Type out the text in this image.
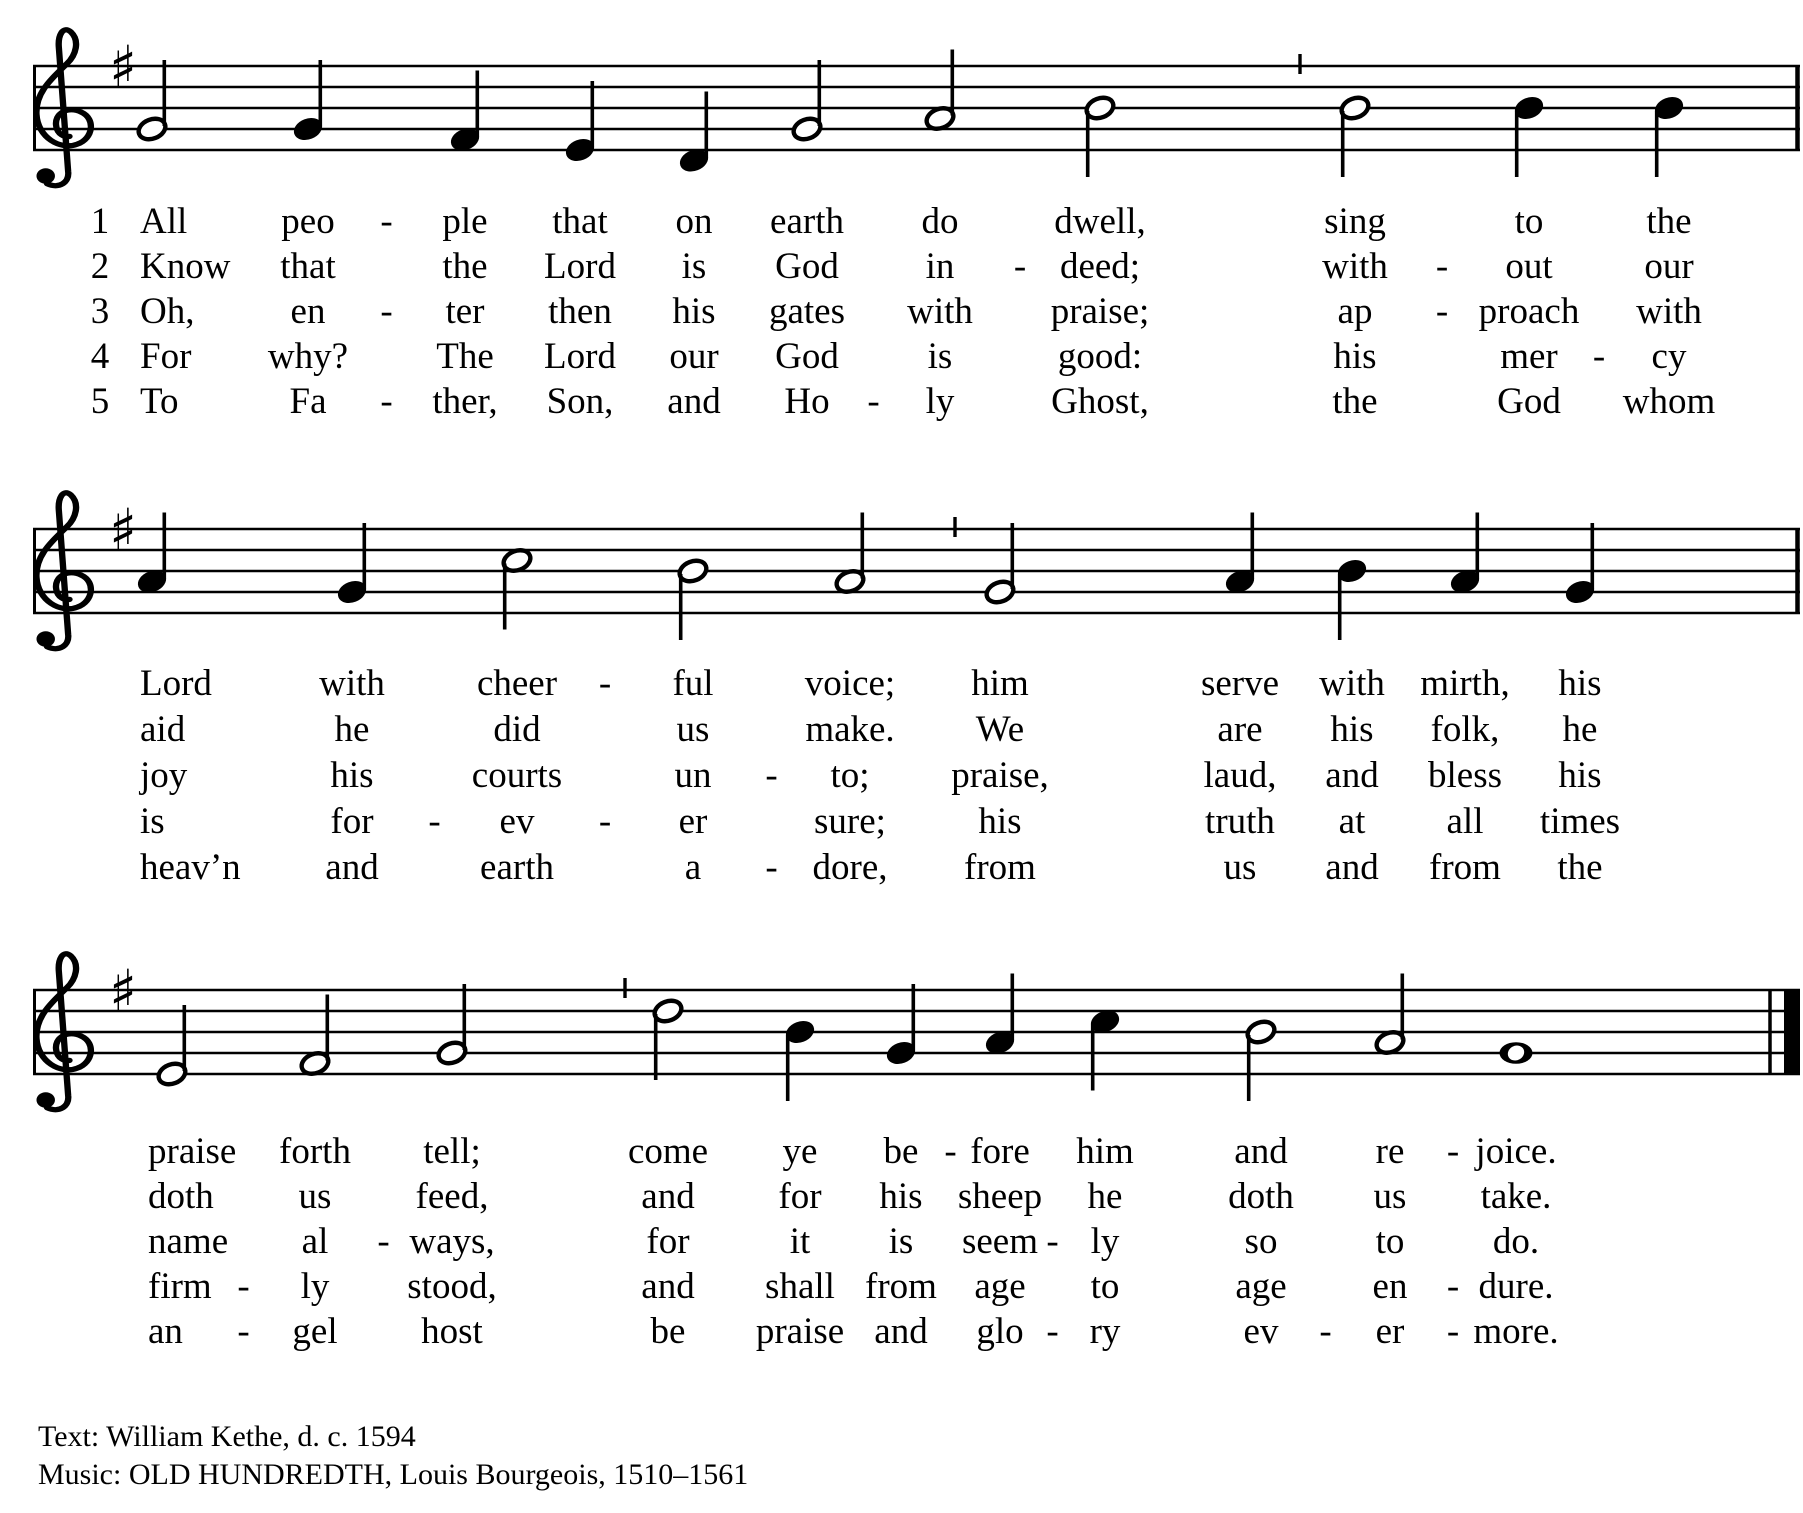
♯
♯
♯
1 All	peo	ple that on earth do	dwell,	sing	to	the
-
2 Know that	the Lord is God in	deed;	with	out our
-	-
3 Oh,	en	ter then his gates with praise;	ap	proach with
-	-
4 For why? The Lord our God is	good:	his	mer	cy
-
5 To	Fa	ther, Son, and Ho	ly	Ghost,	the	God whom
-	-
Lord	with cheer	ful voice; him	serve with mirth, his
-
aid	he	did	us	make. We	are his folk, he
joy	his	courts	un	to; praise,	laud, and bless his
-
is	for	ev	er	sure; his	truth at all times
-	-
heav’n and	earth	a	dore, from	us and from the
-
praise forth tell;	come ye be fore him	and re joice.
-	-
doth us feed,	and for his sheep he	doth us take.
name al ways,	for	it is seem ly	so	to do.
-	-
firm ly stood,	and shall from age to	age en dure.
-	-
an	gel host	be praise and glo ry	ev	er more.
-	-	-	-
Text: William Kethe, d. c. 1594
Music: OLD HUNDREDTH, Louis Bourgeois, 1510–1561
